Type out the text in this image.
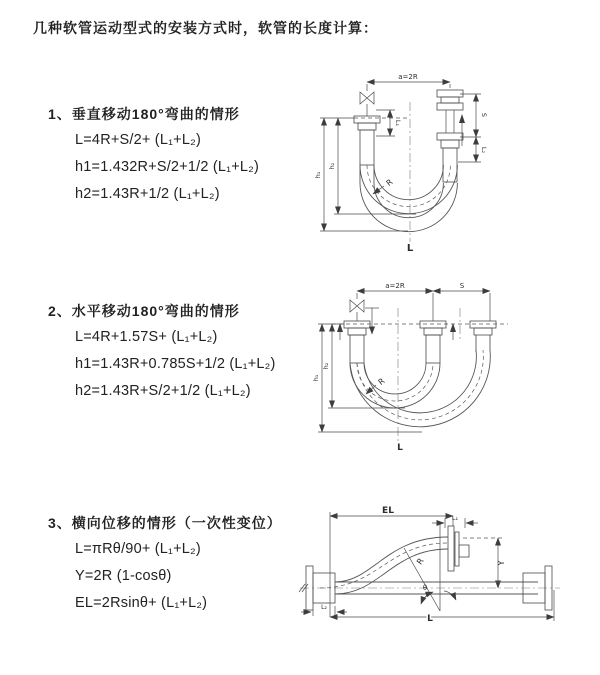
几种软管运动型式的安装方式时，软管的长度计算：
1、垂直移动180°弯曲的情形
L=4R+S/2+ (L₁+L₂)
h1=1.432R+S/2+1/2 (L₁+L₂)
h2=1.43R+1/2 (L₁+L₂)
a=2R
S
L₂
L₁
h₁
h₂
R
L
2、水平移动180°弯曲的情形
L=4R+1.57S+ (L₁+L₂)
h1=1.43R+0.785S+1/2 (L₁+L₂)
h2=1.43R+S/2+1/2 (L₁+L₂)
a=2R	S
h₁
h₂
R
L
3、横向位移的情形（一次性变位）
L=πRθ/90+ (L₁+L₂)
Y=2R (1-cosθ)
EL=2Rsinθ+ (L₁+L₂)
EL
L₁
Y
R
θ
L₂
L
